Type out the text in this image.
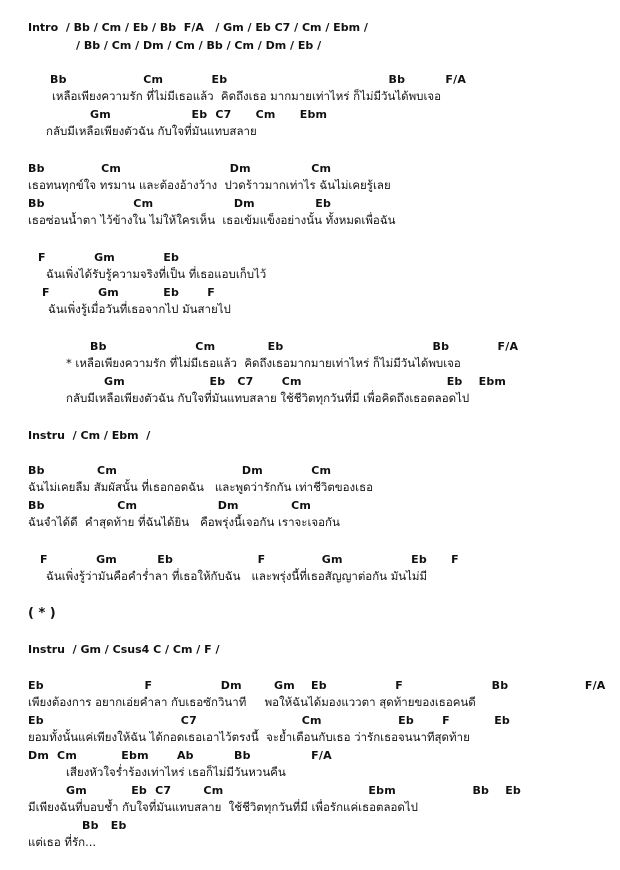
Intro  / Bb / Cm / Eb / Bb  F/A   / Gm / Eb C7 / Cm / Ebm /
/ Bb / Cm / Dm / Cm / Bb / Cm / Dm / Eb /
Bb                   Cm            Eb                                        Bb          F/A
เหลือเพียงความรัก ที่ไม่มีเธอแล้ว  คิดถึงเธอ มากมายเท่าไหร่ ก็ไม่มีวันได้พบเจอ
Gm                    Eb  C7      Cm      Ebm
กลับมีเหลือเพียงตัวฉัน กับใจที่มันแทบสลาย
Bb              Cm                           Dm               Cm
เธอทนทุกข์ใจ ทรมาน และต้องอ้างว้าง  ปวดร้าวมากเท่าไร ฉันไม่เคยรู้เลย
Bb                      Cm                    Dm               Eb
เธอซ่อนน้ำตา ไว้ข้างใน ไม่ให้ใครเห็น  เธอเข้มแข็งอย่างนั้น ทั้งหมดเพื่อฉัน
F            Gm            Eb
ฉันเพิ่งได้รับรู้ความจริงที่เป็น ที่เธอแอบเก็บไว้
F            Gm           Eb       F
ฉันเพิ่งรู้เมื่อวันที่เธอจากไป มันสายไป
Bb                      Cm             Eb                                     Bb            F/A
* เหลือเพียงความรัก ที่ไม่มีเธอแล้ว  คิดถึงเธอมากมายเท่าไหร่ ก็ไม่มีวันได้พบเจอ
Gm                     Eb   C7       Cm                                    Eb    Ebm
กลับมีเหลือเพียงตัวฉัน กับใจที่มันแทบสลาย ใช้ชีวิตทุกวันที่มี เพื่อคิดถึงเธอตลอดไป
Instru  / Cm / Ebm  /
Bb             Cm                               Dm            Cm
ฉันไม่เคยลืม สัมผัสนั้น ที่เธอกอดฉัน   และพูดว่ารักกัน เท่าชีวิตของเธอ
Bb                  Cm                    Dm             Cm
ฉันจำได้ดี  คำสุดท้าย ที่ฉันได้ยิน   คือพรุ่งนี้เจอกัน เราจะเจอกัน
F            Gm          Eb                     F              Gm                 Eb      F
ฉันเพิ่งรู้ว่ามันคือคำร่ำลา ที่เธอให้กับฉัน   และพรุ่งนี้ที่เธอสัญญาต่อกัน มันไม่มี
( * )
Instru  / Gm / Csus4 C / Cm / F /
Eb                         F                 Dm        Gm    Eb                 F                      Bb                   F/A
เพียงต้องการ อยากเอ่ยคำลา กับเธอซักวินาที     พอให้ฉันได้มองแววตา สุดท้ายของเธอคนดี
Eb                                  C7                          Cm                   Eb       F           Eb
ยอมทั้งนั้นแค่เพียงให้ฉัน ได้กอดเธอเอาไว้ตรงนี้  จะย้ำเตือนกับเธอ ว่ารักเธอจนนาทีสุดท้าย
Dm  Cm           Ebm       Ab          Bb               F/A
เสียงหัวใจร่ำร้องเท่าไหร่ เธอก็ไม่มีวันหวนคืน
Gm           Eb  C7        Cm                                    Ebm                   Bb    Eb
มีเพียงฉันที่บอบช้ำ กับใจที่มันแทบสลาย  ใช้ชีวิตทุกวันที่มี เพื่อรักแค่เธอตลอดไป
Bb   Eb
แต่เธอ ที่รัก...
